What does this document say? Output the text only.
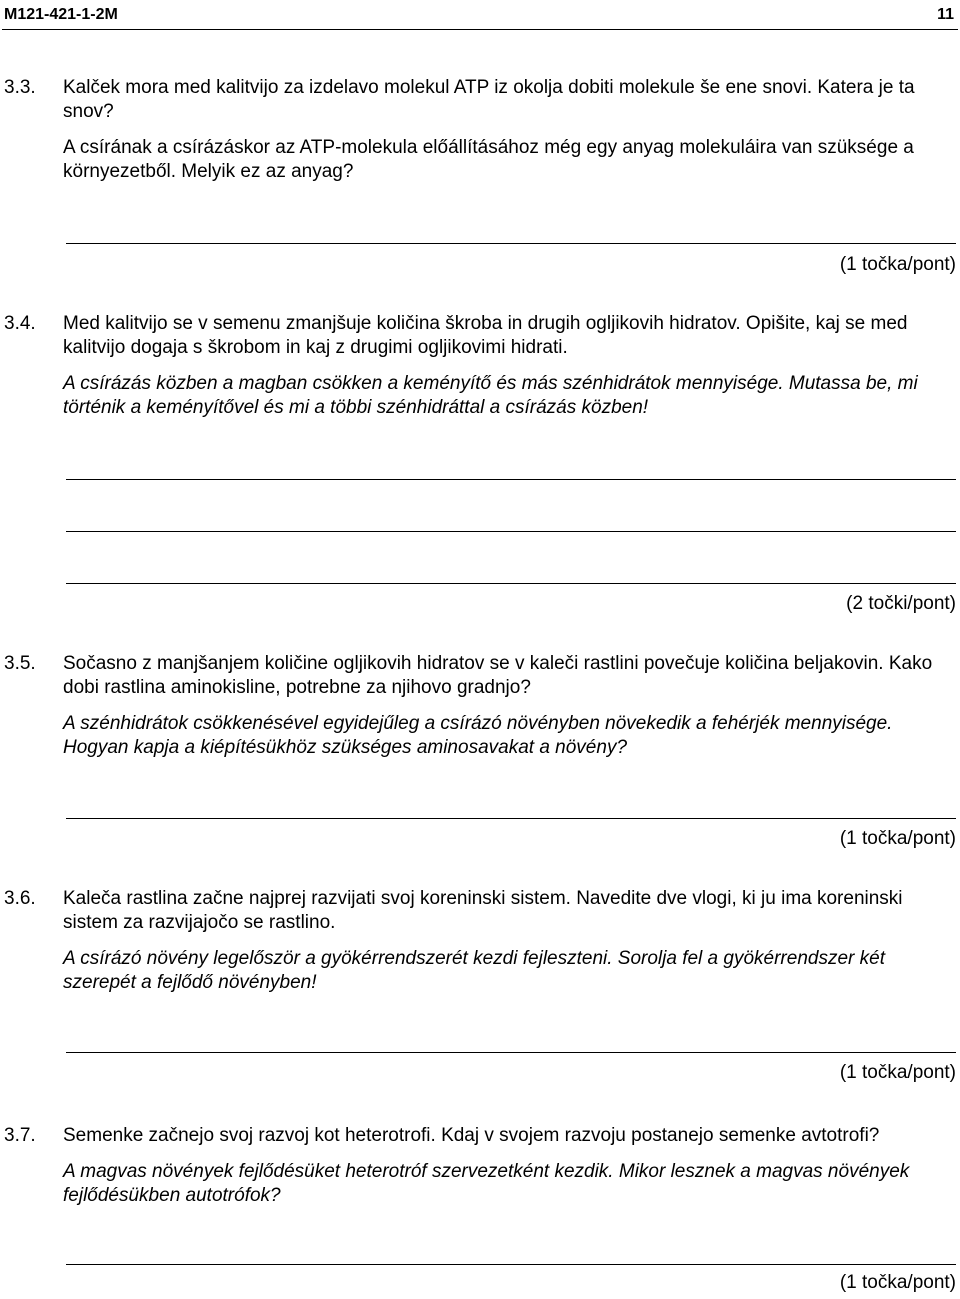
M121-421-1-2M	11
3.3. Kalček mora med kalitvijo za izdelavo molekul ATP iz okolja dobiti molekule še ene snovi. Katera je ta snov?

A csírának a csírázáskor az ATP-molekula előállításához még egy anyag molekuláira van szüksége a környezetből. Melyik ez az anyag?

(1 točka/pont)
3.4. Med kalitvijo se v semenu zmanjšuje količina škroba in drugih ogljikovih hidratov. Opišite, kaj se med kalitvijo dogaja s škrobom in kaj z drugimi ogljikovimi hidrati.

A csírázás közben a magban csökken a keményítő és más szénhidrátok mennyisége. Mutassa be, mi történik a keményítővel és mi a többi szénhidráttal a csírázás közben!

(2 točki/pont)
3.5. Sočasno z manjšanjem količine ogljikovih hidratov se v kaleči rastlini povečuje količina beljakovin. Kako dobi rastlina aminokisline, potrebne za njihovo gradnjo?

A szénhidrátok csökkenésével egyidejűleg a csírázó növényben növekedik a fehérjék mennyisége. Hogyan kapja a kiépítésükhöz szükséges aminosavakat a növény?

(1 točka/pont)
3.6. Kaleča rastlina začne najprej razvijati svoj koreninski sistem. Navedite dve vlogi, ki ju ima koreninski sistem za razvijajočo se rastlino.

A csírázó növény legelőször a gyökérrendszerét kezdi fejleszteni. Sorolja fel a gyökérrendszer két szerepét a fejlődő növényben!

(1 točka/pont)
3.7. Semenke začnejo svoj razvoj kot heterotrofi. Kdaj v svojem razvoju postanejo semenke avtotrofi?

A magvas növények fejlődésüket heterotróf szervezetként kezdik. Mikor lesznek a magvas növények fejlődésükben autotrófok?

(1 točka/pont)
